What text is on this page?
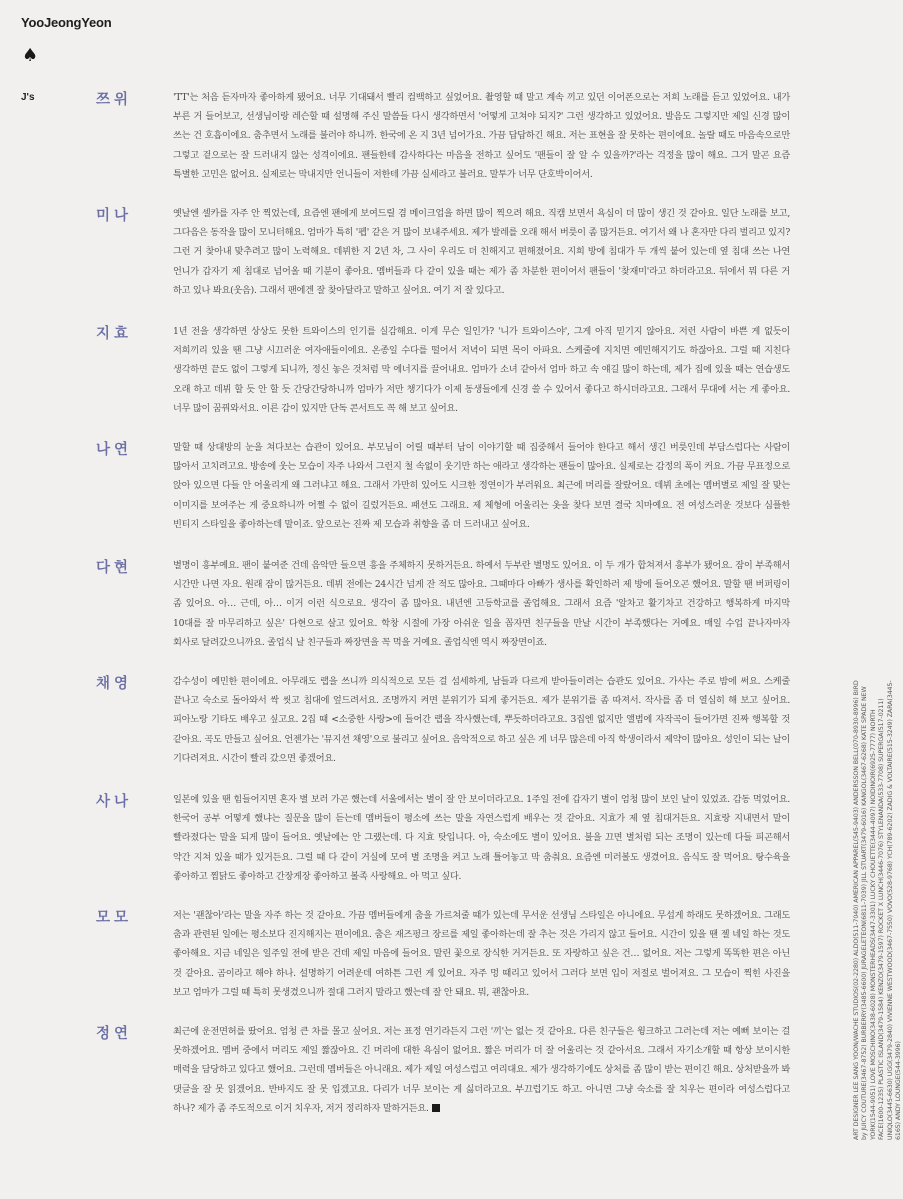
YooJeongYeon
♠
J's	쯔위	'TT'는 처음 듣자마자 좋아하게 됐어요. 너무 기대돼서 빨리 컴백하고 싶었어요. 촬영할 때 말고 계속 끼고 있던 이어폰으로는 저희 노래를 듣고 있었어요. 내가 부른 거 들어보고, 선생님이랑 레슨할 때 설명해 주신 말씀들 다시 생각하면서 '어떻게 고쳐야 되지?' 그런 생각하고 있었어요. 발음도 그렇지만 제일 신경 많이 쓰는 건 호흡이에요. 춤추면서 노래를 불러야 하니까. 한국에 온 지 3년 넘어가요. 가끔 답답하긴 해요. 저는 표현을 잘 못하는 편이에요. 놀랄 때도 마음속으로만 그렇고 겉으로는 잘 드러내지 않는 성격이에요. 팬들한테 감사하다는 마음을 전하고 싶어도 '팬들이 잘 알 수 있을까?'라는 걱정을 많이 해요. 그거 말곤 요즘 특별한 고민은 없어요. 실제로는 막내지만 언니들이 저한테 가끔 실세라고 불러요. 말투가 너무 단호박이어서.
미나	옛날엔 셀카를 자주 안 찍었는데, 요즘엔 팬에게 보여드릴 겸 메이크업을 하면 많이 찍으려 해요. 직캠 보면서 욕심이 더 많이 생긴 것 같아요. 일단 노래를 보고, 그다음은 동작을 많이 모니터해요. 엄마가 특히 '펩' 같은 거 많이 보내주세요. 제가 발레를 오래 해서 버릇이 좀 많거든요. 여기서 왜 나 혼자만 다리 벌리고 있지? 그런 거 찾아내 맞추려고 많이 노력해요. 데뷔한 지 2년 차, 그 사이 우리도 더 친해지고 편해졌어요. 지희 방에 침대가 두 개씩 붙어 있는데 옆 침대 쓰는 나연 언니가 갑자기 제 침대로 넘어올 때 기분이 좋아요. 멤버들과 다 같이 있을 때는 제가 좀 차분한 편이어서 팬들이 '찾재미'라고 하더라고요. 뒤에서 뭐 다른 거 하고 있나 봐요(웃음). 그래서 팬에겐 잘 찾아달라고 말하고 싶어요. 여기 저 잘 있다고.
지효	1년 전을 생각하면 상상도 못한 트와이스의 인기를 실감해요. 이게 무슨 일인가? '니가 트와이스야', 그게 아직 믿기지 않아요. 저런 사람이 바쁜 게 없듯이 저희끼리 있을 땐 그냥 시끄러운 여자애들이에요. 온종일 수다를 떨어서 저녁이 되면 목이 아파요. 스케줄에 지치면 예민해지기도 하잖아요. 그럴 때 지친다 생각하면 끝도 없이 그렇게 되니까, 정신 놓은 것처럼 막 에너지를 끌어내요. 엄마가 소녀 같아서 엄마 하고 속 얘길 많이 하는데, 제가 집에 있을 때는 연습생도 오래 하고 데뷔 할 듯 안 할 듯 간당간당하니까 엄마가 저만 챙기다가 이제 동생들에게 신경 쓸 수 있어서 좋다고 하시더라고요. 그래서 무대에 서는 게 좋아요. 너무 많이 꿈꿔와서요. 이른 감이 있지만 단독 콘서트도 꼭 해 보고 싶어요.
나연	말할 때 상대방의 눈을 쳐다보는 습관이 있어요. 부모님이 어릴 때부터 남이 이야기할 때 집중해서 들어야 한다고 해서 생긴 버릇인데 부담스럽다는 사람이 많아서 고치려고요. 방송에 웃는 모습이 자주 나와서 그런지 철 속없이 웃기만 하는 애라고 생각하는 팬들이 많아요. 실제로는 감정의 폭이 커요. 가끔 무표정으로 앉아 있으면 다들 안 어울리게 왜 그러냐고 해요. 그래서 가만히 있어도 시크한 정연이가 부러워요. 최근에 머리를 잘랐어요. 데뷔 초에는 멤버별로 제일 잘 맞는 이미지를 보여주는 게 중요하니까 어쩔 수 없이 길렀거든요. 패션도 그래요. 제 체형에 어울리는 옷을 찾다 보면 결국 치마예요. 전 여성스러운 것보다 심플한 빈티지 스타일을 좋아하는데 말이죠. 앞으로는 진짜 제 모습과 취향을 좀 더 드러내고 싶어요.
다현	별명이 흥부예요. 팬이 붙여준 건데 음악만 들으면 흥을 주체하지 못하거든요. 하예서 두부란 별명도 있어요. 이 두 개가 합쳐져서 흥부가 됐어요. 잠이 부족해서 시간만 나면 자요. 원래 잠이 많거든요. 데뷔 전에는 24시간 넘게 잔 적도 많아요. 그때마다 아빠가 생사를 확인하러 제 방에 들어오곤 했어요. 말할 땐 버퍼링이 좀 있어요. 아… 근데, 아… 이거 이런 식으로요. 생각이 좀 많아요. 내년엔 고등학교를 졸업해요. 그래서 요즘 '알차고 활기차고 건강하고 행복하게 마지막 10대를 잘 마무리하고 싶은' 다현으로 살고 있어요. 학창 시절에 가장 아쉬운 일을 꼽자면 친구들을 만날 시간이 부족했다는 거예요. 매일 수업 끝나자마자 회사로 달려갔으니까요. 졸업식 날 친구들과 짜장면을 꼭 먹을 거예요. 졸업식엔 역시 짜장면이죠.
채영	감수성이 예민한 편이에요. 아무래도 랩을 쓰니까 의식적으로 모든 걸 섬세하게, 남들과 다르게 받아들이려는 습관도 있어요. 가사는 주로 밤에 써요. 스케줄 끝나고 숙소로 돌아와서 싹 씻고 침대에 엎드려서요. 조명까지 켜면 분위기가 되게 좋거든요. 제가 분위기를 좀 따져서. 작사를 좀 더 열심히 해 보고 싶어요. 피아노랑 기타도 배우고 싶고요. 2집 때 <소중한 사랑>에 들어간 랩을 작사했는데, 뿌듯하더라고요. 3집엔 없지만 앨범에 자작곡이 들어가면 진짜 행복할 것 같아요. 곡도 만들고 싶어요. 언젠가는 '뮤지션 채영'으로 불리고 싶어요. 음악적으로 하고 싶은 게 너무 많은데 아직 학생이라서 제약이 많아요. 성인이 되는 날이 기다려져요. 시간이 빨리 갔으면 좋겠어요.
사나	일본에 있을 땐 힘들어지면 혼자 별 보러 가곤 했는데 서울에서는 별이 잘 안 보이더라고요. 1주일 전에 갑자기 별이 엄청 많이 보인 날이 있었죠. 감동 먹었어요. 한국어 공부 어떻게 했냐는 질문을 많이 듣는데 멤버들이 평소에 쓰는 말을 자연스럽게 배우는 것 같아요. 지효가 제 옆 침대거든요. 지효랑 지내면서 말이 빨라졌다는 말을 되게 많이 들어요. 옛날에는 안 그랬는데. 다 지효 탓입니다. 아, 숙소에도 별이 있어요. 불을 끄면 별처럼 되는 조명이 있는데 다들 피곤해서 약간 지쳐 있을 때가 있거든요. 그럴 때 다 같이 거실에 모여 별 조명을 켜고 노래 틀어놓고 막 춤춰요. 요즘엔 미러볼도 생겼어요. 음식도 잘 먹어요. 탕수육을 좋아하고 찜닭도 좋아하고 간장게장 좋아하고 볼족 사랑해요. 아 먹고 싶다.
모모	저는 '괜찮아'라는 말을 자주 하는 것 같아요. 가끔 멤버들에게 춤을 가르쳐줄 때가 있는데 무서운 선생님 스타일은 아니에요. 무섭게 하래도 못하겠어요. 그래도 춤과 관련된 일에는 평소보다 진지해지는 편이에요. 춤은 재즈펑크 장르를 제일 좋아하는데 잘 추는 것은 가리지 않고 들어요. 시간이 있을 땐 젤 네일 하는 것도 좋아해요. 지금 네일은 일주일 전에 받은 건데 제일 마음에 들어요. 말린 꽃으로 장식한 거거든요. 또 자랑하고 싶은 건… 없어요. 저는 그렇게 똑똑한 편은 아닌 것 같아요. 곰이라고 해야 하나. 설명하기 어려운데 여하튼 그런 게 있어요. 자주 멍 때리고 있어서 그러다 보면 입이 저절로 벌어져요. 그 모습이 찍힌 사진을 보고 엄마가 그럴 때 특히 못생겼으니까 절대 그러지 말라고 했는데 잘 안 돼요. 뭐, 괜찮아요.
정연	최근에 운전면허를 땄어요. 엄청 큰 차를 몰고 싶어요. 저는 표정 연기라든지 그런 '끼'는 없는 것 같아요. 다른 친구들은 윙크하고 그러는데 저는 예뻐 보이는 걸 못하겠어요. 멤버 중에서 머리도 제일 짧잖아요. 긴 머리에 대한 욕심이 없어요. 짧은 머리가 더 잘 어울리는 것 같아서요. 그래서 자기소개할 때 항상 보이시한 매력을 담당하고 있다고 했어요. 그런데 멤버들은 아니래요. 제가 제일 여성스럽고 여리대요. 제가 생각하기에도 상처를 좀 많이 받는 편이긴 해요. 상처받을까 봐 댓글을 잘 못 읽겠어요. 반바지도 잘 못 입겠고요. 다리가 너무 보이는 게 싫더라고요. 부끄럽기도 하고. 아니면 그냥 숙소를 잘 치우는 편이라 여성스럽다고 하나? 제가 좀 주도적으로 이거 치우자, 저거 정리하자 말하거든요.	ART DESIGNER LEE SANG YOON/WACHE STUDIOS(02-2280) ALDO(511-7040) AMERICAN APPAREL(545-9403) ANDERSSON BELL(070-8930-8996) BIRD by JUICY COUTURE(3467-8752) BURBERRY(3485-6600) JURAGELETEON(6811-7039) JILL STUART(3479-6016) KANGOL(3467-6268) KATE SPADE NEW YORK(1544-9051) LOVE MOSCHINO(3438-6028) MONSTERHEADS(3447-3301) LUCKY CHOUETTE(3444-4097) NOIDINOIR(6925-7777) NORTH FACE(1600-1235) PLASTIC ISLAND(3479-1584) KENZO(3479-1597) ROCKET X LUNCH(3446-7076) STYLENANDA(533-7708) SUPERGA(517-0211) UNIQLO(3445-6630) UGG(3479-2840) VIVIENNE WESTWOOD(3467-7550) VOVO(528-9768) YCH(789-6202) ZADIG & VOLTAIRE(515-3249) ZARA(3445-6165) ANDY LOUNGE(544-3996)
